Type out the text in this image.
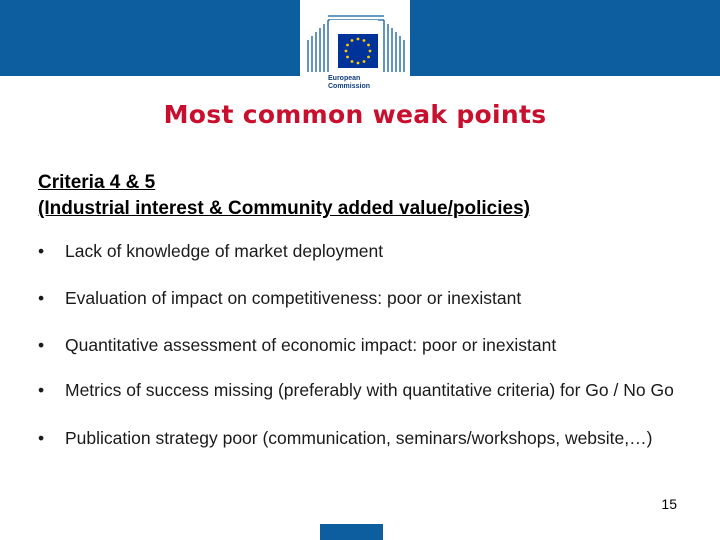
European
Commission
Most common weak points
Criteria 4 & 5
(Industrial interest & Community added value/policies)
• Lack of knowledge of market deployment
• Evaluation of impact on competitiveness: poor or inexistant
• Quantitative assessment of economic impact: poor or inexistant
• Metrics of success missing (preferably with quantitative criteria) for Go / No Go
• Publication strategy poor (communication, seminars/workshops, website,…)
15
